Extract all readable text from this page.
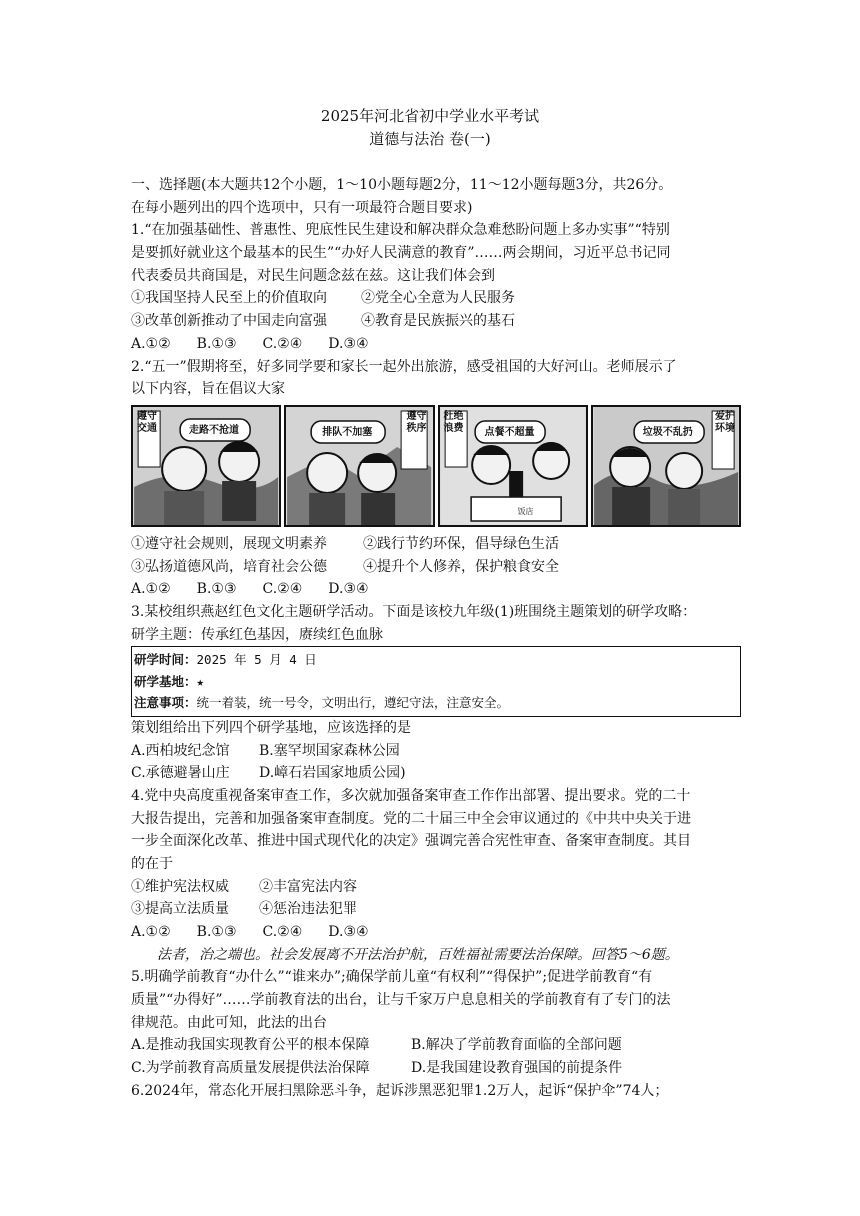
2025年河北省初中学业水平考试
道德与法治 卷(一)
一、选择题(本大题共12个小题，1～10小题每题2分，11～12小题每题3分，共26分。
在每小题列出的四个选项中，只有一项最符合题目要求)
1.“在加强基础性、普惠性、兜底性民生建设和解决群众急难愁盼问题上多办实事”“特别
是要抓好就业这个最基本的民生”“办好人民满意的教育”……两会期间，习近平总书记同
代表委员共商国是，对民生问题念兹在兹。这让我们体会到
①我国坚持人民至上的价值取向	②党全心全意为人民服务
③改革创新推动了中国走向富强	④教育是民族振兴的基石
A.①② B.①③ C.②④ D.③④
2.“五一”假期将至，好多同学要和家长一起外出旅游，感受祖国的大好河山。老师展示了
以下内容，旨在倡议大家
遵守交通	走路不抢道
遵守秩序
排队不加塞
杜绝浪费	点餐不超量
饭店
爱护环境
垃圾不乱扔
①遵守社会规则，展现文明素养	②践行节约环保，倡导绿色生活
③弘扬道德风尚，培育社会公德	④提升个人修养，保护粮食安全
A.①② B.①③ C.②④ D.③④
3.某校组织燕赵红色文化主题研学活动。下面是该校九年级(1)班围绕主题策划的研学攻略：
研学主题：传承红色基因，赓续红色血脉
研学时间：2025 年 5 月 4 日
研学基地：★
注意事项：统一着装，统一号令，文明出行，遵纪守法，注意安全。
策划组给出下列四个研学基地，应该选择的是
A.西柏坡纪念馆	B.塞罕坝国家森林公园
C.承德避暑山庄	D.嶂石岩国家地质公园)
4.党中央高度重视备案审查工作，多次就加强备案审查工作作出部署、提出要求。党的二十
大报告提出，完善和加强备案审查制度。党的二十届三中全会审议通过的《中共中央关于进
一步全面深化改革、推进中国式现代化的决定》强调完善合宪性审查、备案审查制度。其目
的在于
①维护宪法权威	②丰富宪法内容
③提高立法质量	④惩治违法犯罪
A.①② B.①③ C.②④ D.③④
法者，治之端也。社会发展离不开法治护航，百姓福祉需要法治保障。回答5～6题。
5.明确学前教育“办什么”“谁来办”;确保学前儿童“有权利”“得保护”;促进学前教育“有
质量”“办得好”……学前教育法的出台，让与千家万户息息相关的学前教育有了专门的法
律规范。由此可知，此法的出台
A.是推动我国实现教育公平的根本保障	B.解决了学前教育面临的全部问题
C.为学前教育高质量发展提供法治保障	D.是我国建设教育强国的前提条件
6.2024年，常态化开展扫黑除恶斗争，起诉涉黑恶犯罪1.2万人，起诉“保护伞”74人；
